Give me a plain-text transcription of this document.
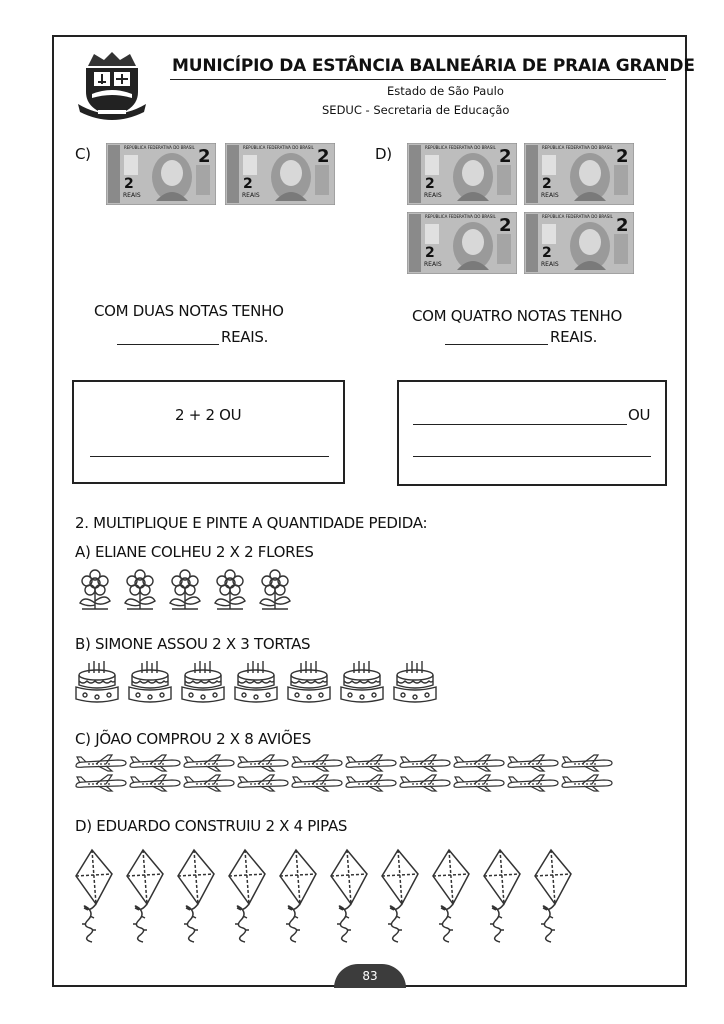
MUNICÍPIO DA ESTÂNCIA BALNEÁRIA DE PRAIA GRANDE
Estado de São Paulo
SEDUC - Secretaria de Educação
C)	REPÚBLICA FEDERATIVA DO BRASIL 2
2
REAIS
REPÚBLICA FEDERATIVA DO BRASIL 2
2
REAIS
D)	REPÚBLICA FEDERATIVA DO BRASIL 2
2
REAIS
REPÚBLICA FEDERATIVA DO BRASIL 2
2
REAIS
REPÚBLICA FEDERATIVA DO BRASIL 2
2
REAIS
REPÚBLICA FEDERATIVA DO BRASIL 2
2
REAIS
COM DUAS NOTAS TENHO
REAIS.
COM QUATRO NOTAS TENHO
REAIS.
2 + 2 OU	OU
2. MULTIPLIQUE E PINTE A QUANTIDADE PEDIDA:
A) ELIANE COLHEU 2 X 2 FLORES
B) SIMONE ASSOU 2 X 3 TORTAS
C) JÕAO COMPROU 2 X 8 AVIÕES
D) EDUARDO CONSTRUIU 2 X 4 PIPAS
83
